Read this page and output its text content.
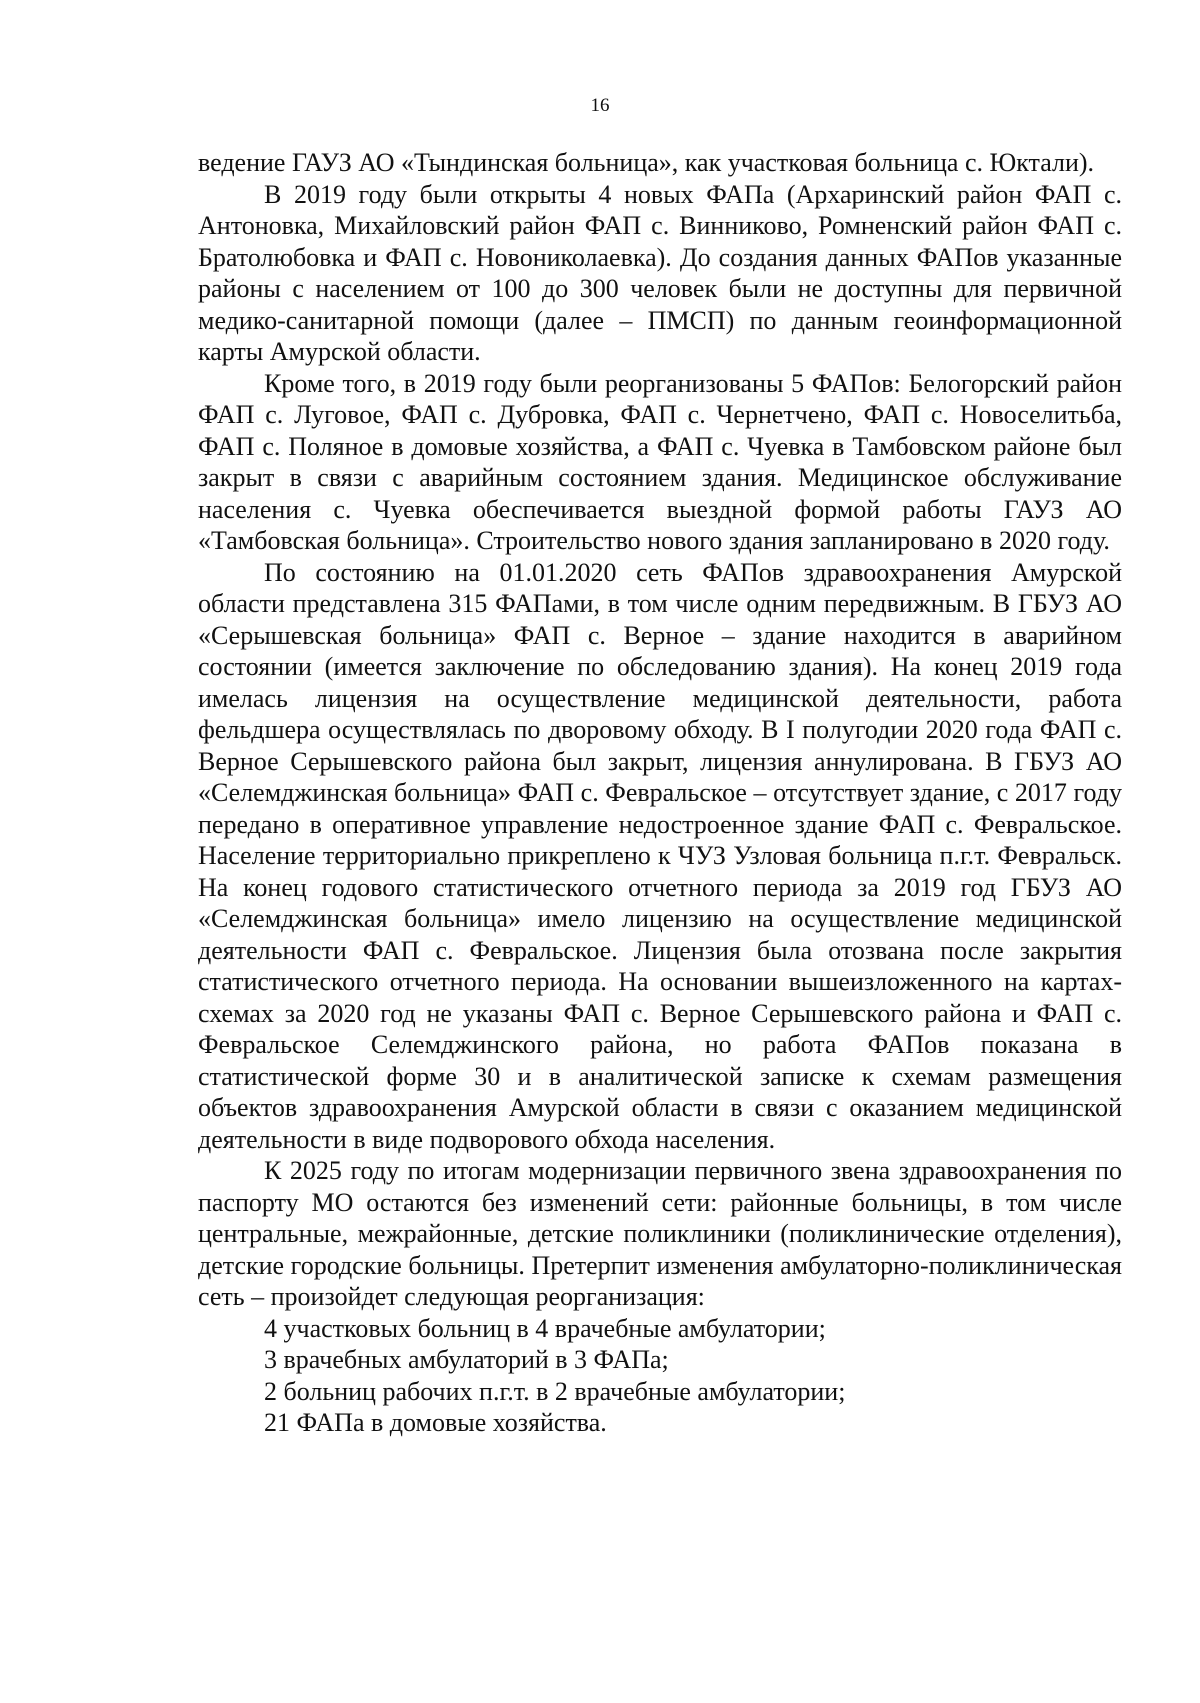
16

ведение ГАУЗ АО «Тындинская больница», как участковая больница с. Юктали).

В 2019 году были открыты 4 новых ФАПа (Архаринский район ФАП с. Антоновка, Михайловский район ФАП с. Винниково, Ромненский район ФАП с. Братолюбовка и ФАП с. Новониколаевка). До создания данных ФАПов указанные районы с населением от 100 до 300 человек были не доступны для первичной медико-санитарной помощи (далее – ПМСП) по данным геоинформационной карты Амурской области.

Кроме того, в 2019 году были реорганизованы 5 ФАПов: Белогорский район ФАП с. Луговое, ФАП с. Дубровка, ФАП с. Чернетчено, ФАП с. Новоселитьба, ФАП с. Поляное в домовые хозяйства, а ФАП с. Чуевка в Тамбовском районе был закрыт в связи с аварийным состоянием здания. Медицинское обслуживание населения с. Чуевка обеспечивается выездной формой работы ГАУЗ АО «Тамбовская больница». Строительство нового здания запланировано в 2020 году.

По состоянию на 01.01.2020 сеть ФАПов здравоохранения Амурской области представлена 315 ФАПами, в том числе одним передвижным. В ГБУЗ АО «Серышевская больница» ФАП с. Верное – здание находится в аварийном состоянии (имеется заключение по обследованию здания). На конец 2019 года имелась лицензия на осуществление медицинской деятельности, работа фельдшера осуществлялась по дворовому обходу. В I полугодии 2020 года ФАП с. Верное Серышевского района был закрыт, лицензия аннулирована. В ГБУЗ АО «Селемджинская больница» ФАП с. Февральское – отсутствует здание, с 2017 году передано в оперативное управление недостроенное здание ФАП с. Февральское. Население территориально прикреплено к ЧУЗ Узловая больница п.г.т. Февральск. На конец годового статистического отчетного периода за 2019 год ГБУЗ АО «Селемджинская больница» имело лицензию на осуществление медицинской деятельности ФАП с. Февральское. Лицензия была отозвана после закрытия статистического отчетного периода. На основании вышеизложенного на картах-схемах за 2020 год не указаны ФАП с. Верное Серышевского района и ФАП с. Февральское Селемджинского района, но работа ФАПов показана в статистической форме 30 и в аналитической записке к схемам размещения объектов здравоохранения Амурской области в связи с оказанием медицинской деятельности в виде подворового обхода населения.

К 2025 году по итогам модернизации первичного звена здравоохранения по паспорту МО остаются без изменений сети: районные больницы, в том числе центральные, межрайонные, детские поликлиники (поликлинические отделения), детские городские больницы. Претерпит изменения амбулаторно-поликлиническая сеть – произойдет следующая реорганизация:

4 участковых больниц в 4 врачебные амбулатории;
3 врачебных амбулаторий в 3 ФАПа;
2 больниц рабочих п.г.т. в 2 врачебные амбулатории;
21 ФАПа в домовые хозяйства.
